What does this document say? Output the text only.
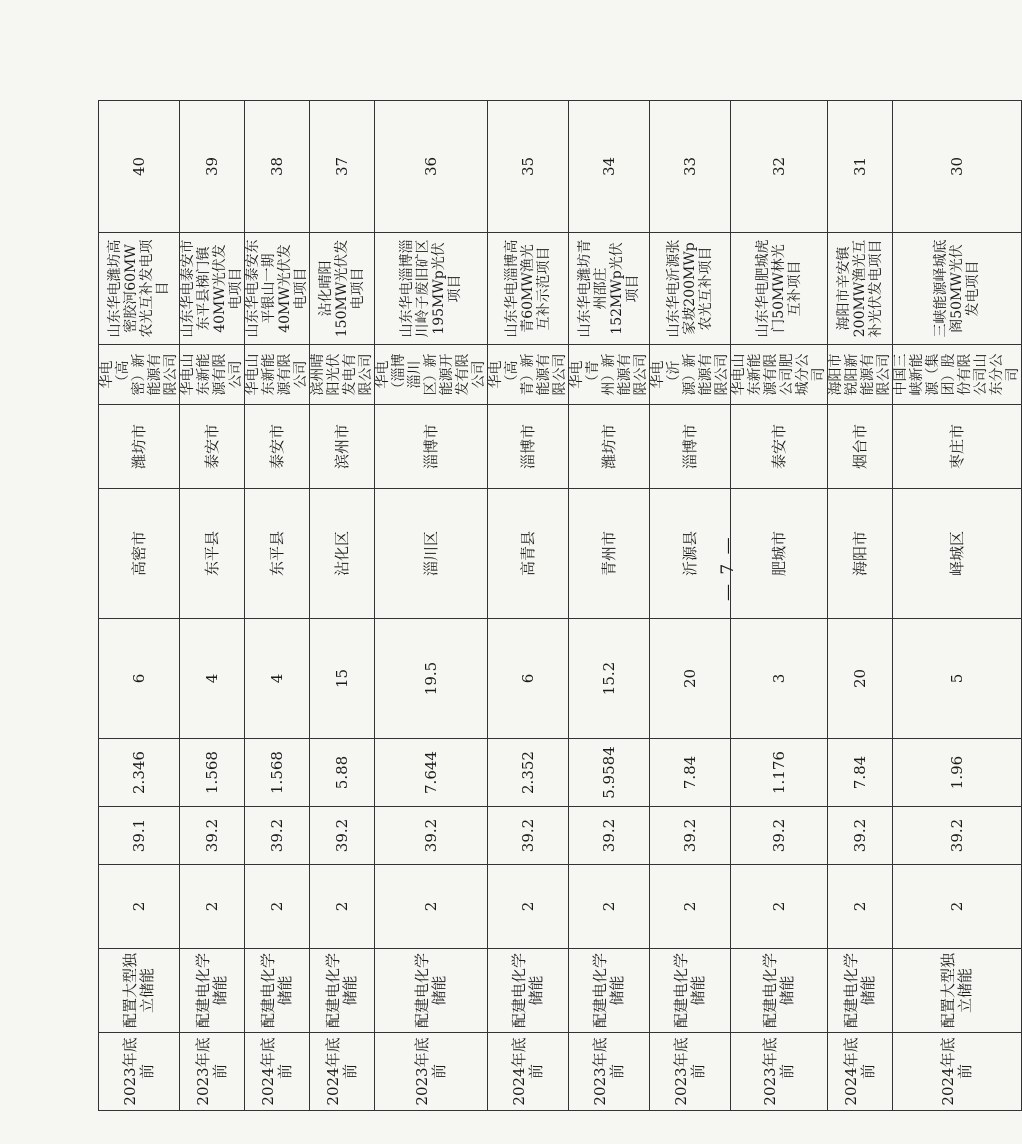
2023年底前	配置大型独立储能	2	39.1	2.346	6	高密市	潍坊市	华电（高密）新能源有限公司	山东华电潍坊高密胶河60MW农光互补发电项目	40
2023年底前	配建电化学储能	2	39.2	1.568	4	东平县	泰安市	华电山东新能源有限公司	山东华电泰安市东平县梯门镇40MW光伏发电项目	39
2024年底前	配建电化学储能	2	39.2	1.568	4	东平县	泰安市	华电山东新能源有限公司	山东华电泰安东平银山一期40MW光伏发电项目	38
2024年底前	配建电化学储能	2	39.2	5.88	15	沾化区	滨州市	滨州晴阳光伏发电有限公司	沾化晴阳150MW光伏发电项目	37
2023年底前	配建电化学储能	2	39.2	7.644	19.5	淄川区	淄博市	华电（淄博淄川区）新能源开发有限公司	山东华电淄博淄川岭子废旧矿区195MWp光伏项目	36
2024年底前	配建电化学储能	2	39.2	2.352	6	高青县	淄博市	华电（高青）新能源有限公司	山东华电淄博高青60MW渔光互补示范项目	35
2023年底前	配建电化学储能	2	39.2	5.9584	15.2	青州市	潍坊市	华电（青州）新能源有限公司	山东华电潍坊青州邵庄152MWp光伏项目	34
2023年底前	配建电化学储能	2	39.2	7.84	20	沂源县	淄博市	华电（沂源）新能源有限公司	山东华电沂源张家坡200MWp农光互补项目	33
2023年底前	配建电化学储能	2	39.2	1.176	3	肥城市	泰安市	华电山东新能源有限公司肥城分公司	山东华电肥城虎门50MW林光互补项目	32
2024年底前	配建电化学储能	2	39.2	7.84	20	海阳市	烟台市	海阳市锐阳新能源有限公司	海阳市辛安镇200MW渔光互补光伏发电项目	31
2024年底前	配置大型独立储能	2	39.2	1.96	5	峄城区	枣庄市	中国三峡新能源（集团）股份有限公司山东分公司	三峡能源峄城底阁50MW光伏发电项目	30
— 7 —
